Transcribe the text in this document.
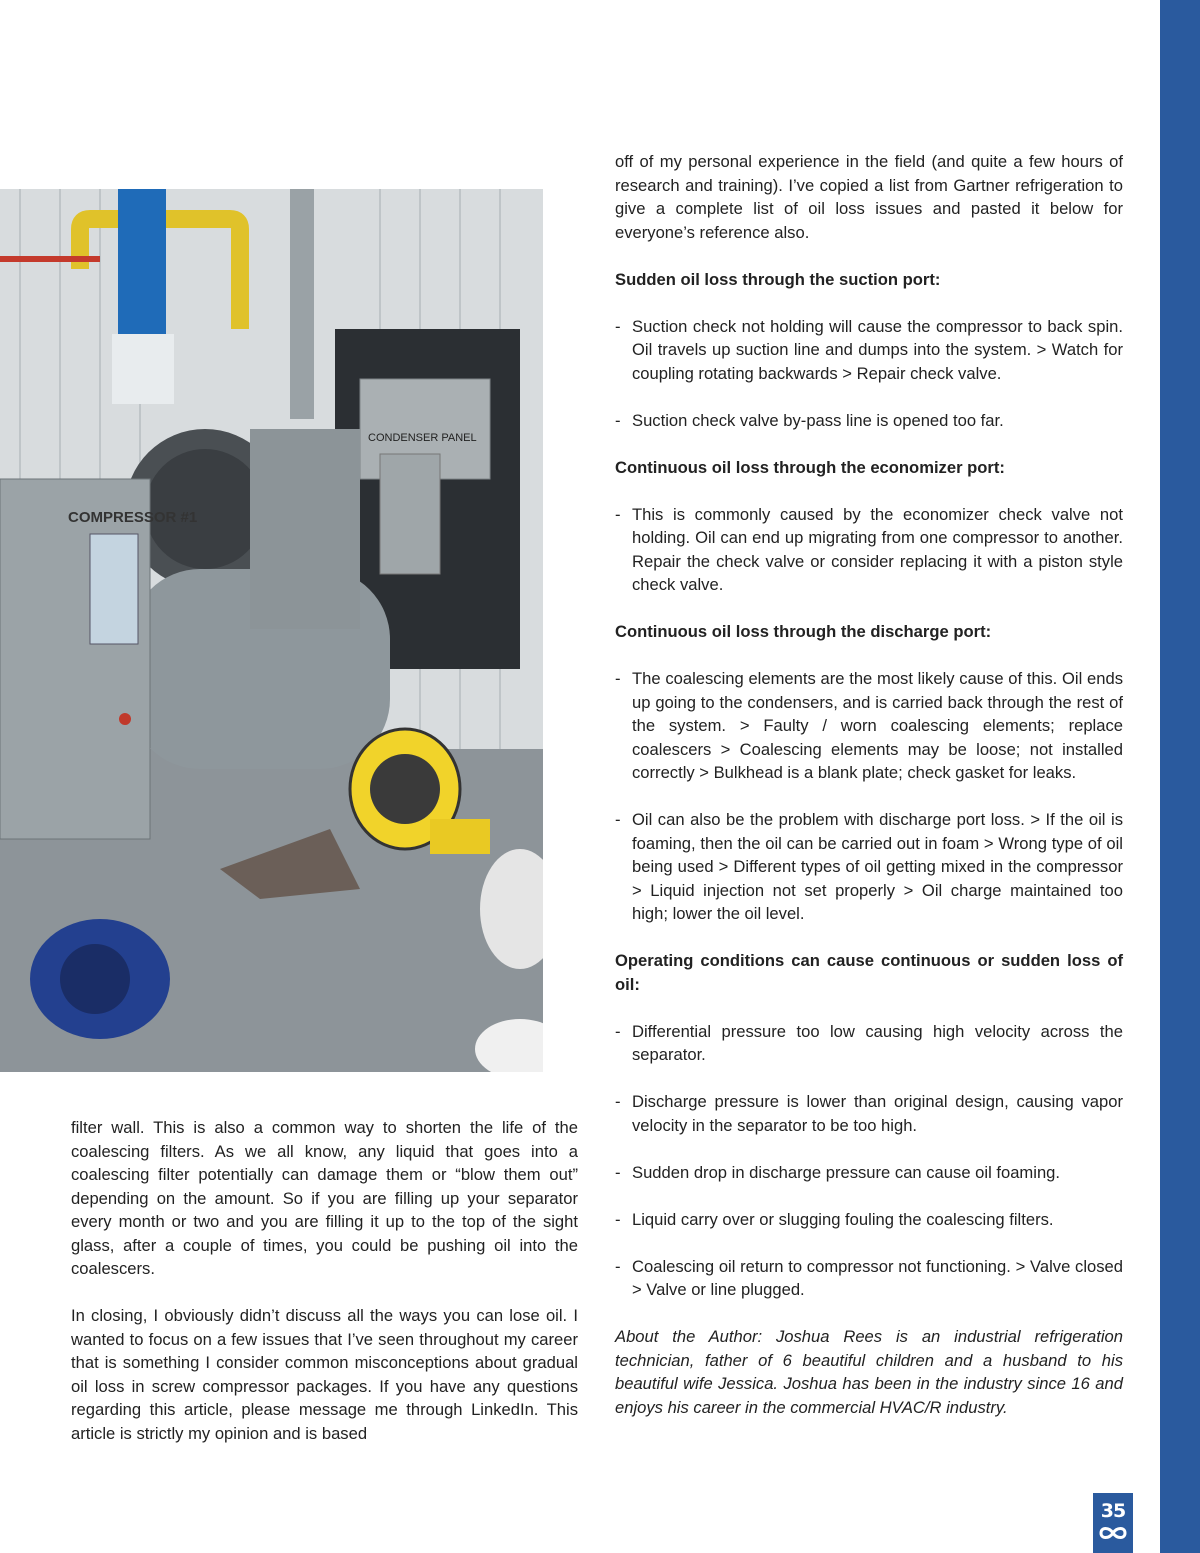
CONDENSER PANEL
COMPRESSOR #1

filter wall. This is also a common way to shorten the life of the coalescing filters. As we all know, any liquid that goes into a coalescing filter potentially can damage them or “blow them out” depending on the amount. So if you are filling up your separator every month or two and you are filling it up to the top of the sight glass, after a couple of times, you could be pushing oil into the coalescers.

In closing, I obviously didn’t discuss all the ways you can lose oil. I wanted to focus on a few issues that I’ve seen throughout my career that is something I consider common misconceptions about gradual oil loss in screw compressor packages. If you have any questions regarding this article, please message me through LinkedIn. This article is strictly my opinion and is based

off of my personal experience in the field (and quite a few hours of research and training). I’ve copied a list from Gartner refrigeration to give a complete list of oil loss issues and pasted it below for everyone’s reference also.

Sudden oil loss through the suction port:
- Suction check not holding will cause the compressor to back spin. Oil travels up suction line and dumps into the system. > Watch for coupling rotating backwards > Repair check valve.
- Suction check valve by-pass line is opened too far.
Continuous oil loss through the economizer port:
- This is commonly caused by the economizer check valve not holding. Oil can end up migrating from one compressor to another. Repair the check valve or consider replacing it with a piston style check valve.
Continuous oil loss through the discharge port:
- The coalescing elements are the most likely cause of this. Oil ends up going to the condensers, and is carried back through the rest of the system. > Faulty / worn coalescing elements; replace coalescers > Coalescing elements may be loose; not installed correctly > Bulkhead is a blank plate; check gasket for leaks.
- Oil can also be the problem with discharge port loss. > If the oil is foaming, then the oil can be carried out in foam > Wrong type of oil being used > Different types of oil getting mixed in the compressor > Liquid injection not set properly > Oil charge maintained too high; lower the oil level.
Operating conditions can cause continuous or sudden loss of oil:
- Differential pressure too low causing high velocity across the separator.
- Discharge pressure is lower than original design, causing vapor velocity in the separator to be too high.
- Sudden drop in discharge pressure can cause oil foaming.
- Liquid carry over or slugging fouling the coalescing filters.
- Coalescing oil return to compressor not functioning. > Valve closed > Valve or line plugged.

About the Author: Joshua Rees is an industrial refrigeration technician, father of 6 beautiful children and a husband to his beautiful wife Jessica. Joshua has been in the industry since 16 and enjoys his career in the commercial HVAC/R industry.

35
